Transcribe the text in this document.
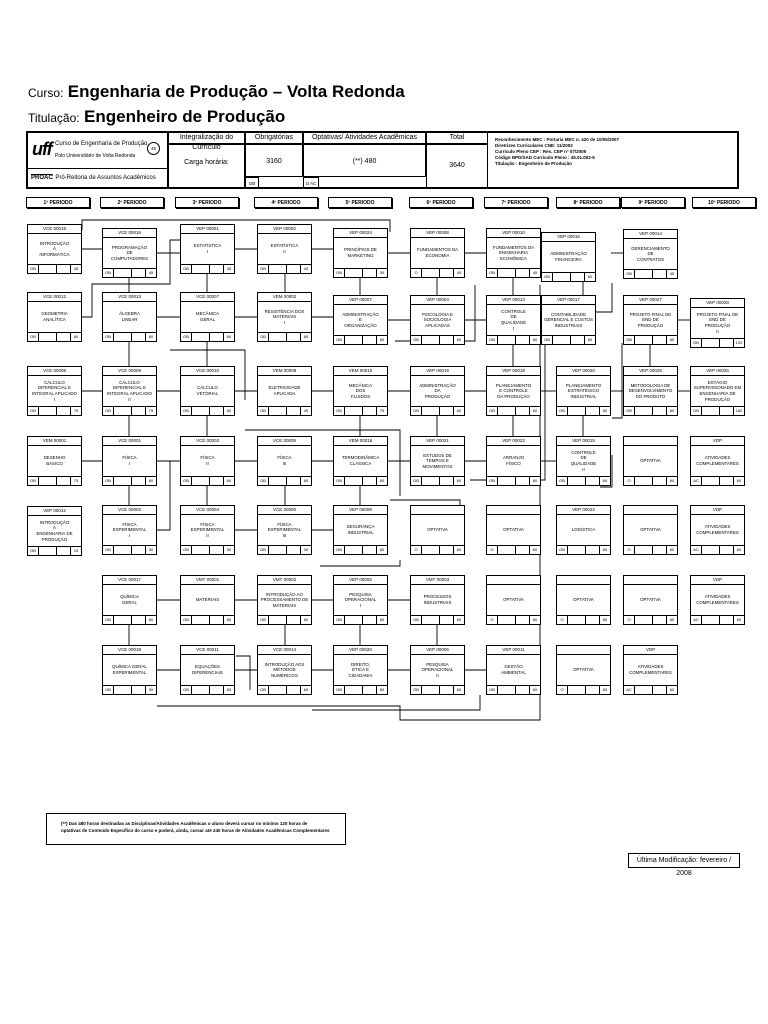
Curso: Engenharia de Produção – Volta Redonda
Titulação: Engenheiro de Produção
uff Curso de Engenharia de Produção
Polo Universitário de Volta Redonda
45
PROAC : Pró-Reitoria de Assuntos Acadêmicos
Integralização do Currículo
Carga horária:
Obrigatórias
3160
OB
Optativas/ Atividades Acadêmicas
(**) 480
O AC
Total
3640
Reconhecimento MEC : Portaria MEC n. 420 de 10/05/2007
Diretrizes Curriculares CNE: 11/2002
Currículo Pleno CEP : Res. CEP n° 07/2005
Código NPD/SAD Currículo Pleno : 45.01.002-5
Titulação : Engenheiro de Produção
1º PERIODO	2º PERIODO	3º PERIODO	4º PERIODO	5º PERIODO	6º PERIODO	7º PERIODO	8º PERIODO	9º PERIODO	10º PERIODO
VCE 00015
INTRODUÇÃO
À
INFORMÁTICA
OB	45
VCE 00012
GEOMETRIA
ANALÍTICA
OB	60
VCE 00008
CÁLCULO
DIFERENCIAL E
INTEGRAL APLICADO
I
OB	75
VEM 00001
DESENHO
BÁSICO
OB	75
VEP 00012
INTRODUÇÃO
À
ENGENHARIA DE
PRODUÇÃO
OB	15
VCE 00016
PROGRAMAÇÃO
DE
COMPUTADORES
OB	45
VCE 00013
ÁLGEBRA
LINEAR
OB	60
VCE 00009
CÁLCULO
DIFERENCIAL E
INTEGRAL APLICADO
II
OB	75
VCE 00001
FÍSICA
I
OB	60
VCE 00002
FÍSICA
EXPERIMENTAL
I
OB	30
VCE 00017
QUÍMICA
GERAL
OB	60
VCE 00018
QUÍMICA GERAL
EXPERIMENTAL
OB	30
VEP 00001
ESTATÍSTICA
I
OB	45
VCE 00007
MECÂNICA
GERAL
OB	60
VCE 00010
CÁLCULO
VETORIAL
OB	60
VCE 00003
FÍSICA
II
OB	60
VCE 00004
FÍSICA
EXPERIMENTAL
II
OB	30
VMT 00001
MATERIAIS
OB	60
VCE 00011
EQUAÇÕES
DIFERENCIAIS
OB	60
VEP 00002
ESTATÍSTICA
II
OB	45
VEM 00002
RESISTÊNCIA DOS
MATERIAIS
I
OB	60
VEM 00008
ELETRICIDADE
APLICADA
OB	45
VCE 00005
FÍSICA
III
OB	60
VCE 00006
FÍSICA
EXPERIMENTAL
III
OB	30
VMT 00002
INTRODUÇÃO AO
PROCESSAMENTO DE
MATERIAIS
OB	60
VCE 00014
INTRODUÇÃO AOS
MÉTODOS
NUMÉRICOS
OB	60
VEP 00024
PRINCÍPIOS DE
MARKETING
OB	30
VEP 00007
ADMINISTRAÇÃO
E
ORGANIZAÇÃO
OB	60
VEM 00010
MECÂNICA
DOS
FLUIDOS
OB	75
VEM 00016
TERMODINÂMICA
CLÁSSICA
OB	60
VEP 00009
SEGURANÇA
INDUSTRIAL
OB	60
VEP 00005
PESQUISA
OPERACIONAL
I
OB	60
VEP 00020
DIREITO,
ÉTICA E
CIDADANIA
OB	60
VEP 00008
FUNDAMENTOS DA
ECONOMIA
O	45
VEP 00004
PSICOLOGIA E
SOCIOLOGIA
APLICADAS
OB	60
VEP 00019
ADMINISTRAÇÃO
DA
PRODUÇÃO
OB	60
VEP 00021
ESTUDOS DE
TEMPOS E
MOVIMENTOS
OB	60
OPTATIVA
O	60
VMT 00003
PROCESSOS
INDUSTRIAIS
OB	60
VEP 00006
PESQUISA
OPERACIONAL
II
OB	60
VEP 00010
FUNDAMENTOS DA
ENGENHARIA
ECONÔMICA
OB	45
VEP 00013
CONTROLE
DE
QUALIDADE
I
OB	60
VEP 00018
PLANEJAMENTO
E CONTROLE
DA PRODUÇÃO
OB	60
VEP 00023
ARRANJO
FÍSICO
OB	60
OPTATIVA
O	60
OPTATIVA
O	60
VEP 00011
GESTÃO
AMBIENTAL
OB	60
VEP 00016
ADMINISTRAÇÃO
FINANCEIRA
OB	60
VEP 00017
CONTABILIDADE
GERENCIAL E CUSTOS
INDUSTRIAIS
OB	60
VEP 00020
PLANEJAMENTO
ESTRATÉGICO
INDUSTRIAL
OB	60
VEP 00015
CONTROLE
DE
QUALIDADE
II
OB	60
VEP 00022
LOGÍSTICA
OB	60
OPTATIVA
O	60
OPTATIVA
O	60
VEP 00014
GERENCIAMENTO
DE
CONTRATOS
OB	45
VEP 00027
PROJETO FINAL DE
END DE
PRODUÇÃO
OB	60
VEP 00025
METODOLOGIA DE
DESENVOLVIMENTO
DO PRODUTO
OB	60
OPTATIVA
O	60
OPTATIVA
O	60
OPTATIVA
O	60
VDP
ATIVIDADES
COMPLEMENTARES
AC	60
VEP 00028
PROJETO FINAL DE
END DE
PRODUÇÃO
II
OB	120
VEP 00026
ESTÁGIO
SUPERVISIONADO EM
ENGENHARIA DE
PRODUÇÃO
OB	180
VDP
ATIVIDADES
COMPLEMENTARES
AC	60
VDP
ATIVIDADES
COMPLEMENTARES
AC	60
VDP
ATIVIDADES
COMPLEMENTARES
AC	60
(**) Das 480 horas destinadas as Disciplinas/Atividades Acadêmicas o aluno deverá cursar no mínimo 120 horas de
optativas de Conteúdo Específico do curso e poderá, ainda, cursar até 240 horas de Atividades Acadêmicas Complementares
Última Modificação: fevereiro / 2008
